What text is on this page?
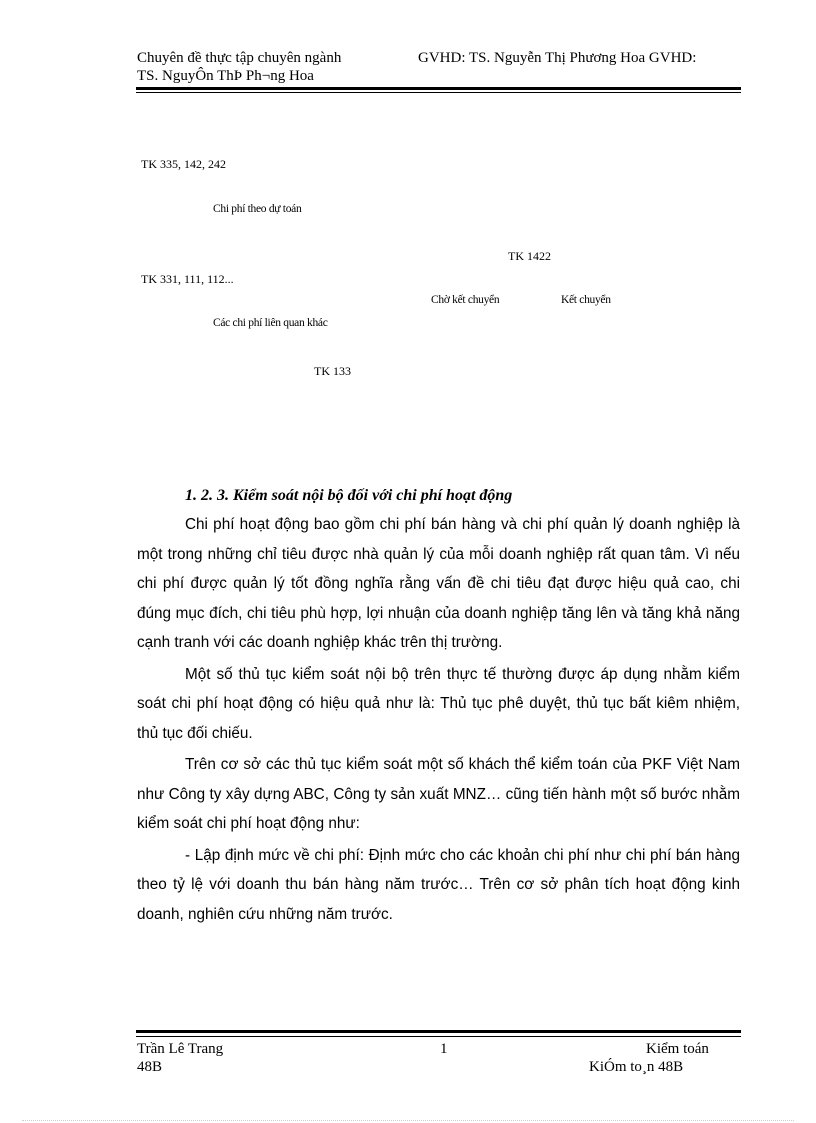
Chuyên đề thực tập chuyên ngành	GVHD: TS. Nguyễn Thị Phương Hoa GVHD:
TS. NguyÔn ThÞ Ph¬ng Hoa
TK 335, 142, 242
Chi phí theo dự toán
TK 1422
TK 331, 111, 112...
Chờ kết chuyển	Kết chuyển
Các chi phí liên quan khác
TK 133
1. 2. 3. Kiểm soát nội bộ đối với chi phí hoạt động

Chi phí hoạt động bao gồm chi phí bán hàng và chi phí quản lý doanh nghiệp là một trong những chỉ tiêu được nhà quản lý của mỗi doanh nghiệp rất quan tâm. Vì nếu chi phí được quản lý tốt đồng nghĩa rằng vấn đề chi tiêu đạt được hiệu quả cao, chi đúng mục đích, chi tiêu phù hợp, lợi nhuận của doanh nghiệp tăng lên và tăng khả năng cạnh tranh với các doanh nghiệp khác trên thị trường.

Một số thủ tục kiểm soát nội bộ trên thực tế thường được áp dụng nhằm kiểm soát chi phí hoạt động có hiệu quả như là: Thủ tục phê duyệt, thủ tục bất kiêm nhiệm, thủ tục đối chiếu.

Trên cơ sở các thủ tục kiểm soát một số khách thể kiểm toán của PKF Việt Nam như Công ty xây dựng ABC, Công ty sản xuất MNZ… cũng tiến hành một số bước nhằm kiểm soát chi phí hoạt động như:

- Lập định mức về chi phí: Định mức cho các khoản chi phí như chi phí bán hàng theo tỷ lệ với doanh thu bán hàng năm trước… Trên cơ sở phân tích hoạt động kinh doanh, nghiên cứu những năm trước.

Trần Lê Trang	1	Kiểm toán
48B	KiÓm to¸n 48B
